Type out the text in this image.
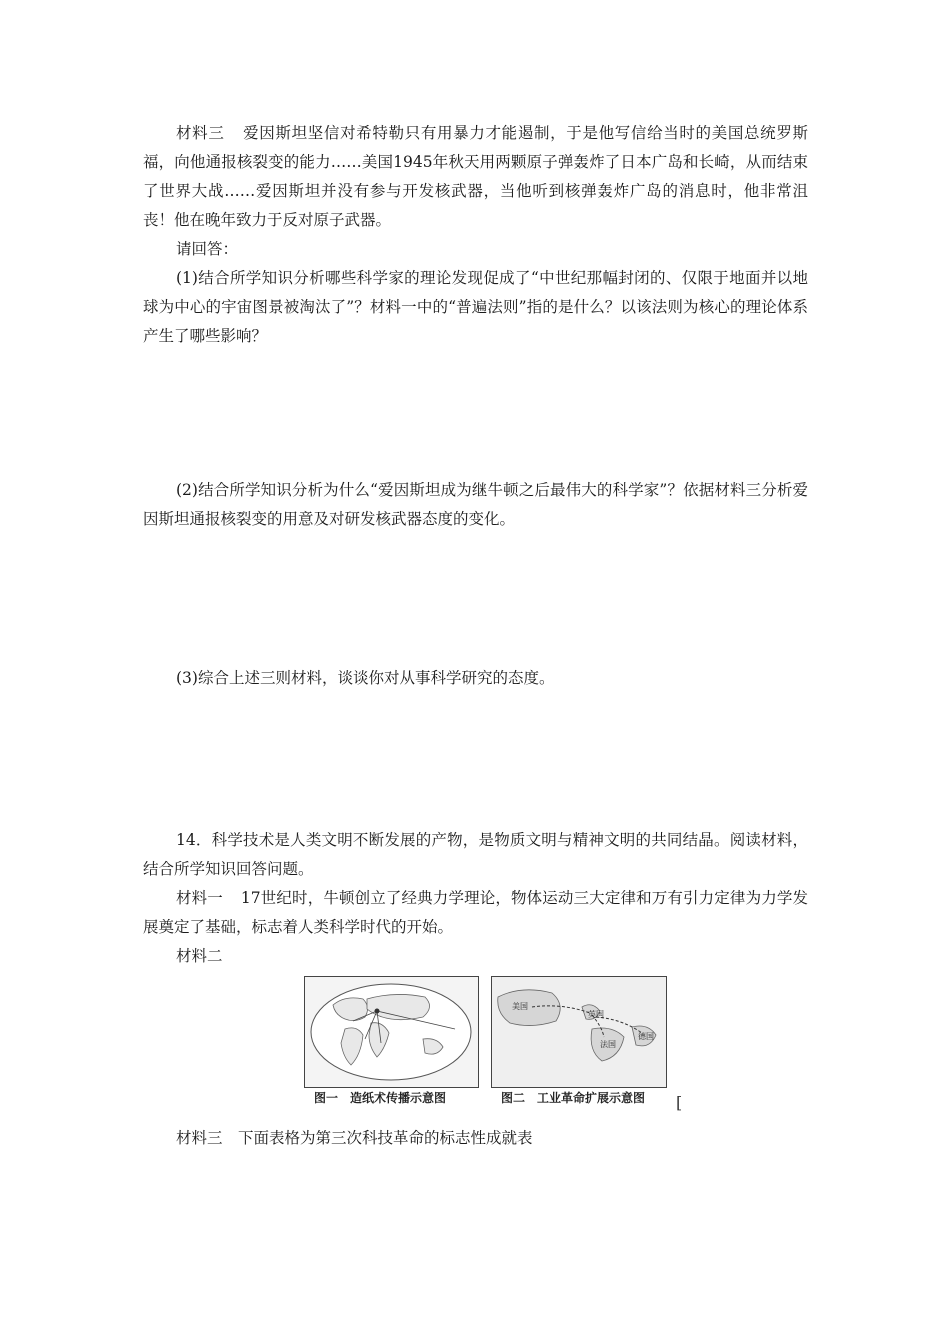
材料三 爱因斯坦坚信对希特勒只有用暴力才能遏制，于是他写信给当时的美国总统罗斯福，向他通报核裂变的能力……美国1945年秋天用两颗原子弹轰炸了日本广岛和长崎，从而结束了世界大战……爱因斯坦并没有参与开发核武器，当他听到核弹轰炸广岛的消息时，他非常沮丧！他在晚年致力于反对原子武器。

请回答：

(1)结合所学知识分析哪些科学家的理论发现促成了“中世纪那幅封闭的、仅限于地面并以地球为中心的宇宙图景被淘汰了”？材料一中的“普遍法则”指的是什么？以该法则为核心的理论体系产生了哪些影响？

(2)结合所学知识分析为什么“爱因斯坦成为继牛顿之后最伟大的科学家”？依据材料三分析爱因斯坦通报核裂变的用意及对研发核武器态度的变化。

(3)综合上述三则材料，谈谈你对从事科学研究的态度。

14．科学技术是人类文明不断发展的产物，是物质文明与精神文明的共同结晶。阅读材料，结合所学知识回答问题。

材料一 17世纪时，牛顿创立了经典力学理论，物体运动三大定律和万有引力定律为力学发展奠定了基础，标志着人类科学时代的开始。

材料二

图一　造纸术传播示意图
美国
英国
法国
德国
图二　工业革命扩展示意图 [

材料三　下面表格为第三次科技革命的标志性成就表
